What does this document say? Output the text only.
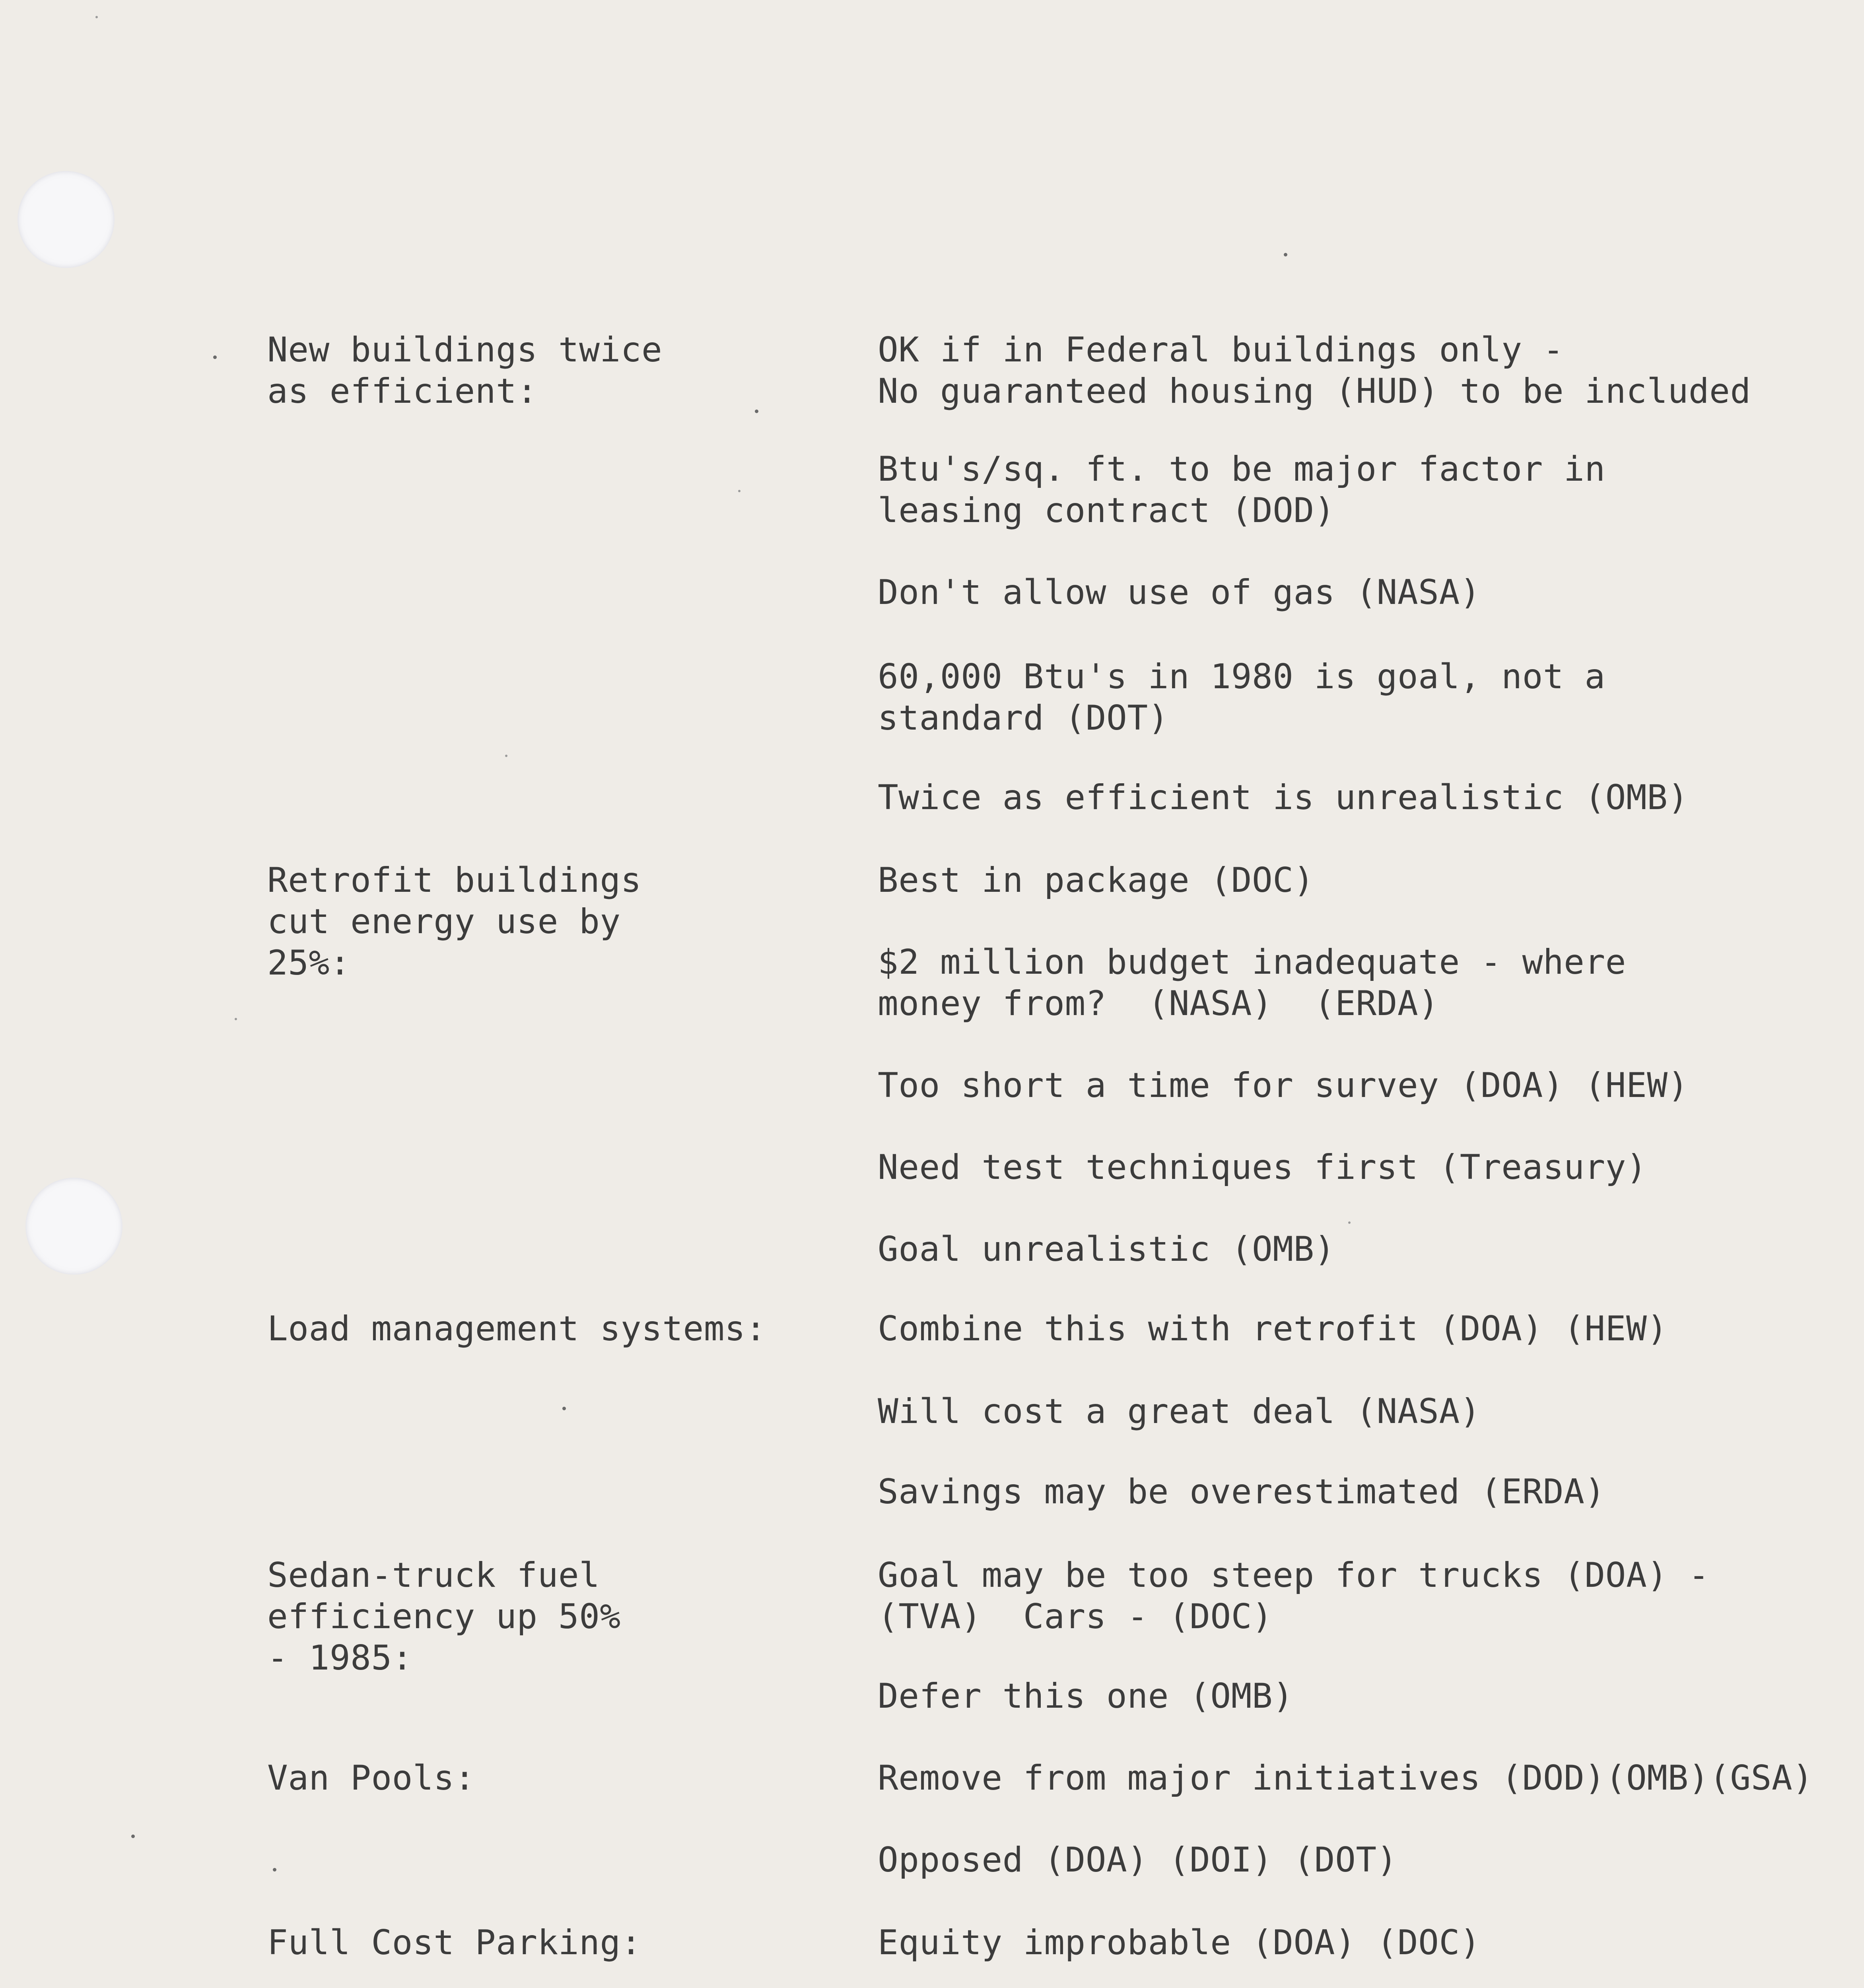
New buildings twice
as efficient:
Retrofit buildings
cut energy use by
25%:
Load management systems:
Sedan-truck fuel
efficiency up 50%
- 1985:
Van Pools:
Full Cost Parking:
OK if in Federal buildings only -
No guaranteed housing (HUD) to be included
Btu's/sq. ft. to be major factor in
leasing contract (DOD)
Don't allow use of gas (NASA)
60,000 Btu's in 1980 is goal, not a
standard (DOT)
Twice as efficient is unrealistic (OMB)
Best in package (DOC)
$2 million budget inadequate - where
money from?  (NASA)  (ERDA)
Too short a time for survey (DOA) (HEW)
Need test techniques first (Treasury)
Goal unrealistic (OMB)
Combine this with retrofit (DOA) (HEW)
Will cost a great deal (NASA)
Savings may be overestimated (ERDA)
Goal may be too steep for trucks (DOA) -
(TVA)  Cars - (DOC)
Defer this one (OMB)
Remove from major initiatives (DOD)(OMB)(GSA)
Opposed (DOA) (DOI) (DOT)
Equity improbable (DOA) (DOC)
